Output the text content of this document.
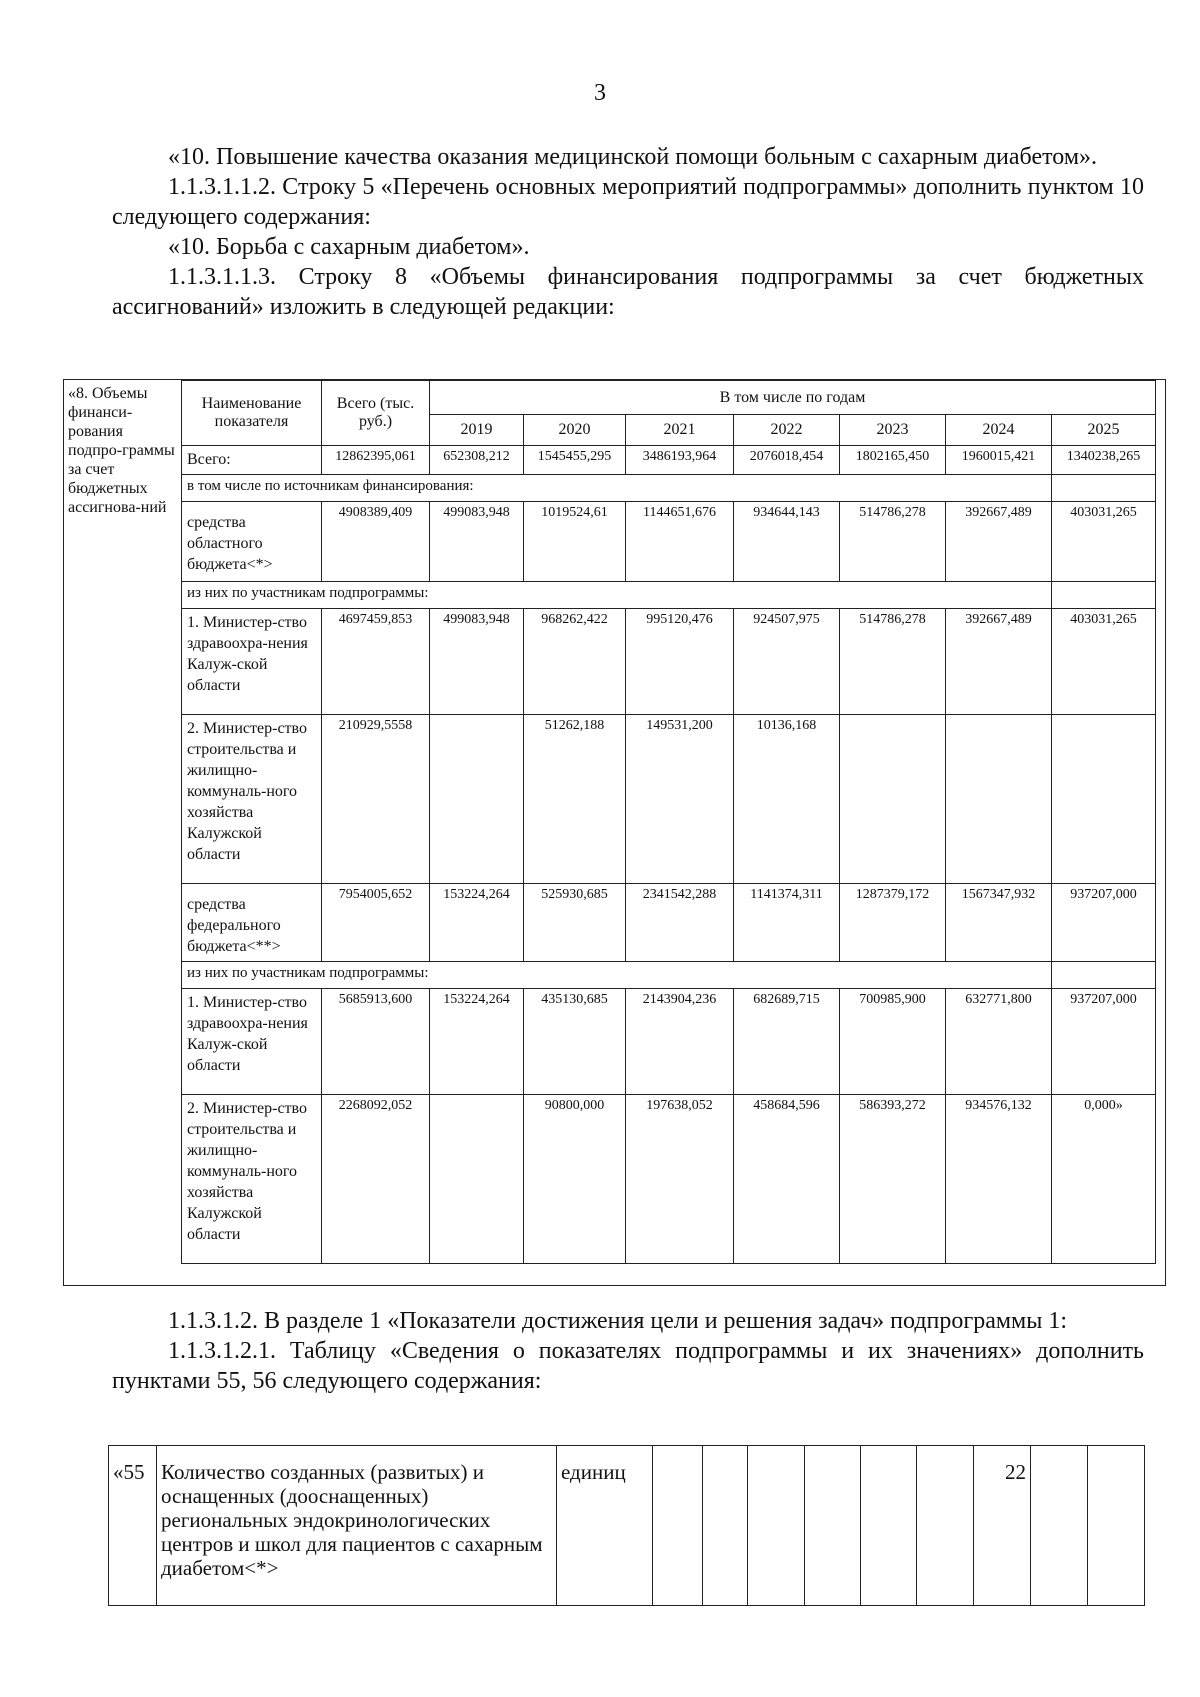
3

«10. Повышение качества оказания медицинской помощи больным с сахарным диабетом».

1.1.3.1.1.2. Строку 5 «Перечень основных мероприятий подпрограммы» дополнить пунктом 10 следующего содержания:

«10. Борьба с сахарным диабетом».

1.1.3.1.1.3. Строку 8 «Объемы финансирования подпрограммы за счет бюджетных ассигнований» изложить в следующей редакции:

«8. Объемы финанси-рования подпро-граммы за счет бюджетных ассигнова-ний
Наименование показателя	Всего (тыс. руб.)	В том числе по годам						
		2019	2020	2021	2022	2023	2024	2025
Всего:	12862395,061	652308,212	1545455,295	3486193,964	2076018,454	1802165,450	1960015,421	1340238,265
в том числе по источникам финансирования:								
средства областного бюджета<*>	4908389,409	499083,948	1019524,61	1144651,676	934644,143	514786,278	392667,489	403031,265
из них по участникам подпрограммы:								
1. Министер-ство здравоохра-нения Калуж-ской области	4697459,853	499083,948	968262,422	995120,476	924507,975	514786,278	392667,489	403031,265
2. Министер-ство строительства и жилищно-коммуналь-ного хозяйства Калужской области	210929,5558		51262,188	149531,200	10136,168			
средства федерального бюджета<**>	7954005,652	153224,264	525930,685	2341542,288	1141374,311	1287379,172	1567347,932	937207,000
из них по участникам подпрограммы:								
1. Министер-ство здравоохра-нения Калуж-ской области	5685913,600	153224,264	435130,685	2143904,236	682689,715	700985,900	632771,800	937207,000
2. Министер-ство строительства и жилищно-коммуналь-ного хозяйства Калужской области	2268092,052		90800,000	197638,052	458684,596	586393,272	934576,132	0,000»

1.1.3.1.2. В разделе 1 «Показатели достижения цели и решения задач» подпрограммы 1:

1.1.3.1.2.1. Таблицу «Сведения о показателях подпрограммы и их значениях» дополнить пунктами 55, 56 следующего содержания:

«55	Количество созданных (развитых) и оснащенных (дооснащенных) региональных эндокринологических центров и школ для пациентов с сахарным диабетом<*>	единиц							22		
